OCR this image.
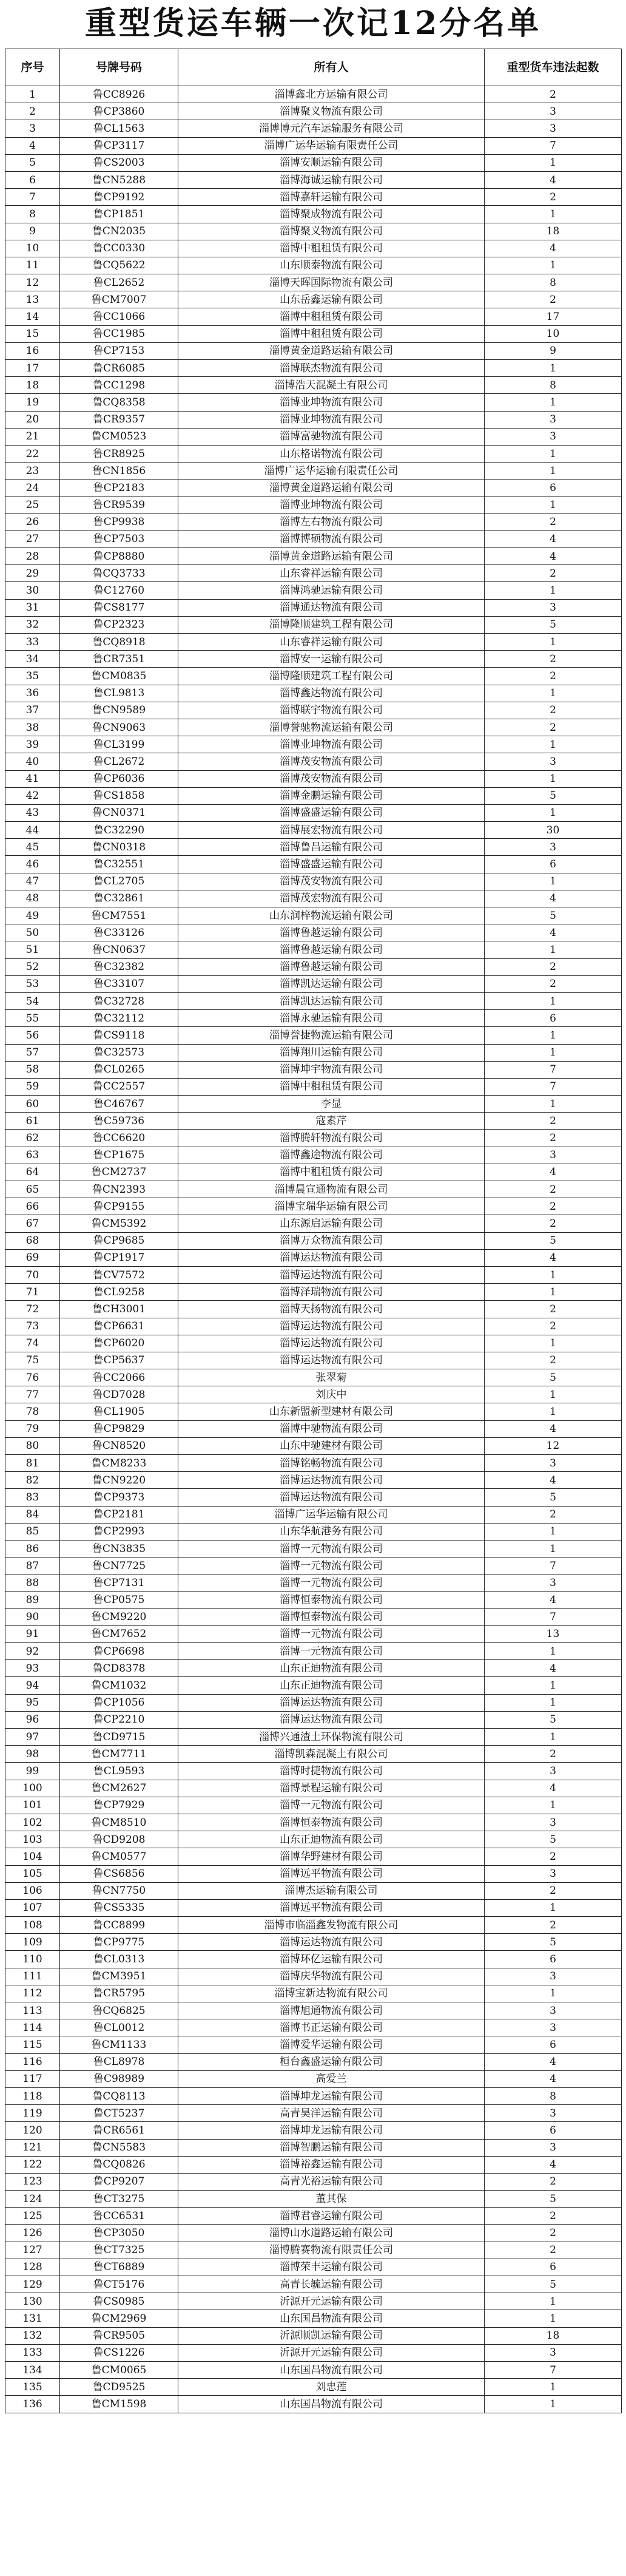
重型货运车辆一次记12分名单
序号	号牌号码	所有人	重型货车违法起数
1	鲁CC8926	淄博鑫北方运输有限公司	2
2	鲁CP3860	淄博聚义物流有限公司	3
3	鲁CL1563	淄博博元汽车运输服务有限公司	3
4	鲁CP3117	淄博广运华运输有限责任公司	7
5	鲁CS2003	淄博安顺运输有限公司	1
6	鲁CN5288	淄博海诚运输有限公司	4
7	鲁CP9192	淄博嘉轩运输有限公司	2
8	鲁CP1851	淄博聚成物流有限公司	1
9	鲁CN2035	淄博聚义物流有限公司	18
10	鲁CC0330	淄博中租租赁有限公司	4
11	鲁CQ5622	山东顺泰物流有限公司	1
12	鲁CL2652	淄博天晖国际物流有限公司	8
13	鲁CM7007	山东岳鑫运输有限公司	2
14	鲁CC1066	淄博中租租赁有限公司	17
15	鲁CC1985	淄博中租租赁有限公司	10
16	鲁CP7153	淄博黄金道路运输有限公司	9
17	鲁CR6085	淄博联杰物流有限公司	1
18	鲁CC1298	淄博浩天混凝土有限公司	8
19	鲁CQ8358	淄博业坤物流有限公司	1
20	鲁CR9357	淄博业坤物流有限公司	3
21	鲁CM0523	淄博富驰物流有限公司	3
22	鲁CR8925	山东格诺物流有限公司	1
23	鲁CN1856	淄博广运华运输有限责任公司	1
24	鲁CP2183	淄博黄金道路运输有限公司	6
25	鲁CR9539	淄博业坤物流有限公司	1
26	鲁CP9938	淄博左右物流有限公司	2
27	鲁CP7503	淄博博硕物流有限公司	4
28	鲁CP8880	淄博黄金道路运输有限公司	4
29	鲁CQ3733	山东睿祥运输有限公司	2
30	鲁C12760	淄博鸿驰运输有限公司	1
31	鲁CS8177	淄博通达物流有限公司	3
32	鲁CP2323	淄博隆顺建筑工程有限公司	5
33	鲁CQ8918	山东睿祥运输有限公司	1
34	鲁CR7351	淄博安一运输有限公司	2
35	鲁CM0835	淄博隆顺建筑工程有限公司	2
36	鲁CL9813	淄博鑫达物流有限公司	1
37	鲁CN9589	淄博联宇物流有限公司	2
38	鲁CN9063	淄博誉驰物流运输有限公司	2
39	鲁CL3199	淄博业坤物流有限公司	1
40	鲁CL2672	淄博茂安物流有限公司	3
41	鲁CP6036	淄博茂安物流有限公司	1
42	鲁CS1858	淄博金鹏运输有限公司	5
43	鲁CN0371	淄博盛盛运输有限公司	1
44	鲁C32290	淄博展宏物流有限公司	30
45	鲁CN0318	淄博鲁昌运输有限公司	3
46	鲁C32551	淄博盛盛运输有限公司	6
47	鲁CL2705	淄博茂安物流有限公司	1
48	鲁C32861	淄博茂宏物流有限公司	4
49	鲁CM7551	山东润梓物流运输有限公司	5
50	鲁C33126	淄博鲁越运输有限公司	4
51	鲁CN0637	淄博鲁越运输有限公司	1
52	鲁C32382	淄博鲁越运输有限公司	2
53	鲁C33107	淄博凯达运输有限公司	2
54	鲁C32728	淄博凯达运输有限公司	1
55	鲁C32112	淄博永驰运输有限公司	6
56	鲁CS9118	淄博誉捷物流运输有限公司	1
57	鲁C32573	淄博翔川运输有限公司	1
58	鲁CL0265	淄博坤宇物流有限公司	7
59	鲁CC2557	淄博中租租赁有限公司	7
60	鲁C46767	李显	1
61	鲁C59736	寇素芹	2
62	鲁CC6620	淄博腾轩物流有限公司	2
63	鲁CP1675	淄博鑫途物流有限公司	3
64	鲁CM2737	淄博中租租赁有限公司	4
65	鲁CN2393	淄博晨宣通物流有限公司	2
66	鲁CP9155	淄博宝瑞华运输有限公司	2
67	鲁CM5392	山东源启运输有限公司	2
68	鲁CP9685	淄博万众物流有限公司	5
69	鲁CP1917	淄博运达物流有限公司	4
70	鲁CV7572	淄博运达物流有限公司	1
71	鲁CL9258	淄博泽瑞物流有限公司	1
72	鲁CH3001	淄博天扬物流有限公司	2
73	鲁CP6631	淄博运达物流有限公司	2
74	鲁CP6020	淄博运达物流有限公司	1
75	鲁CP5637	淄博运达物流有限公司	2
76	鲁CC2066	张翠菊	5
77	鲁CD7028	刘庆中	1
78	鲁CL1905	山东新盟新型建材有限公司	1
79	鲁CP9829	淄博中驰物流有限公司	4
80	鲁CN8520	山东中驰建材有限公司	12
81	鲁CM8233	淄博铭畅物流有限公司	3
82	鲁CN9220	淄博运达物流有限公司	4
83	鲁CP9373	淄博运达物流有限公司	5
84	鲁CP2181	淄博广运华运输有限公司	2
85	鲁CP2993	山东华航港务有限公司	1
86	鲁CN3835	淄博一元物流有限公司	1
87	鲁CN7725	淄博一元物流有限公司	7
88	鲁CP7131	淄博一元物流有限公司	3
89	鲁CP0575	淄博恒泰物流有限公司	4
90	鲁CM9220	淄博恒泰物流有限公司	7
91	鲁CM7652	淄博一元物流有限公司	13
92	鲁CP6698	淄博一元物流有限公司	1
93	鲁CD8378	山东正迪物流有限公司	4
94	鲁CM1032	山东正迪物流有限公司	1
95	鲁CP1056	淄博运达物流有限公司	1
96	鲁CP2210	淄博运达物流有限公司	5
97	鲁CD9715	淄博兴通渣土环保物流有限公司	1
98	鲁CM7711	淄博凯森混凝土有限公司	2
99	鲁CL9593	淄博时捷物流有限公司	3
100	鲁CM2627	淄博景程运输有限公司	4
101	鲁CP7929	淄博一元物流有限公司	1
102	鲁CM8510	淄博恒泰物流有限公司	3
103	鲁CD9208	山东正迪物流有限公司	5
104	鲁CM0577	淄博华野建材有限公司	2
105	鲁CS6856	淄博远平物流有限公司	3
106	鲁CN7750	淄博杰运输有限公司	2
107	鲁CS5335	淄博远平物流有限公司	1
108	鲁CC8899	淄博市临淄鑫发物流有限公司	2
109	鲁CP9775	淄博运达物流有限公司	5
110	鲁CL0313	淄博环亿运输有限公司	6
111	鲁CM3951	淄博庆华物流有限公司	3
112	鲁CR5795	淄博宝新达物流有限公司	1
113	鲁CQ6825	淄博旭通物流有限公司	3
114	鲁CL0012	淄博书正运输有限公司	3
115	鲁CM1133	淄博爱华运输有限公司	6
116	鲁CL8978	桓台鑫盛运输有限公司	4
117	鲁C98989	高爱兰	4
118	鲁CQ8113	淄博坤龙运输有限公司	8
119	鲁CT5237	高青昊洋运输有限公司	3
120	鲁CR6561	淄博坤龙运输有限公司	6
121	鲁CN5583	淄博智鹏运输有限公司	3
122	鲁CQ0826	淄博裕鑫运输有限公司	4
123	鲁CP9207	高青光裕运输有限公司	2
124	鲁CT3275	董其保	5
125	鲁CC6531	淄博君睿运输有限公司	2
126	鲁CP3050	淄博山水道路运输有限公司	2
127	鲁CT7325	淄博腾赛物流有限责任公司	2
128	鲁CT6889	淄博荣丰运输有限公司	6
129	鲁CT5176	高青长毓运输有限公司	5
130	鲁CS0985	沂源开元运输有限公司	1
131	鲁CM2969	山东国昌物流有限公司	1
132	鲁CR9505	沂源顺凯运输有限公司	18
133	鲁CS1226	沂源开元运输有限公司	3
134	鲁CM0065	山东国昌物流有限公司	7
135	鲁CD9525	刘忠莲	1
136	鲁CM1598	山东国昌物流有限公司	1
